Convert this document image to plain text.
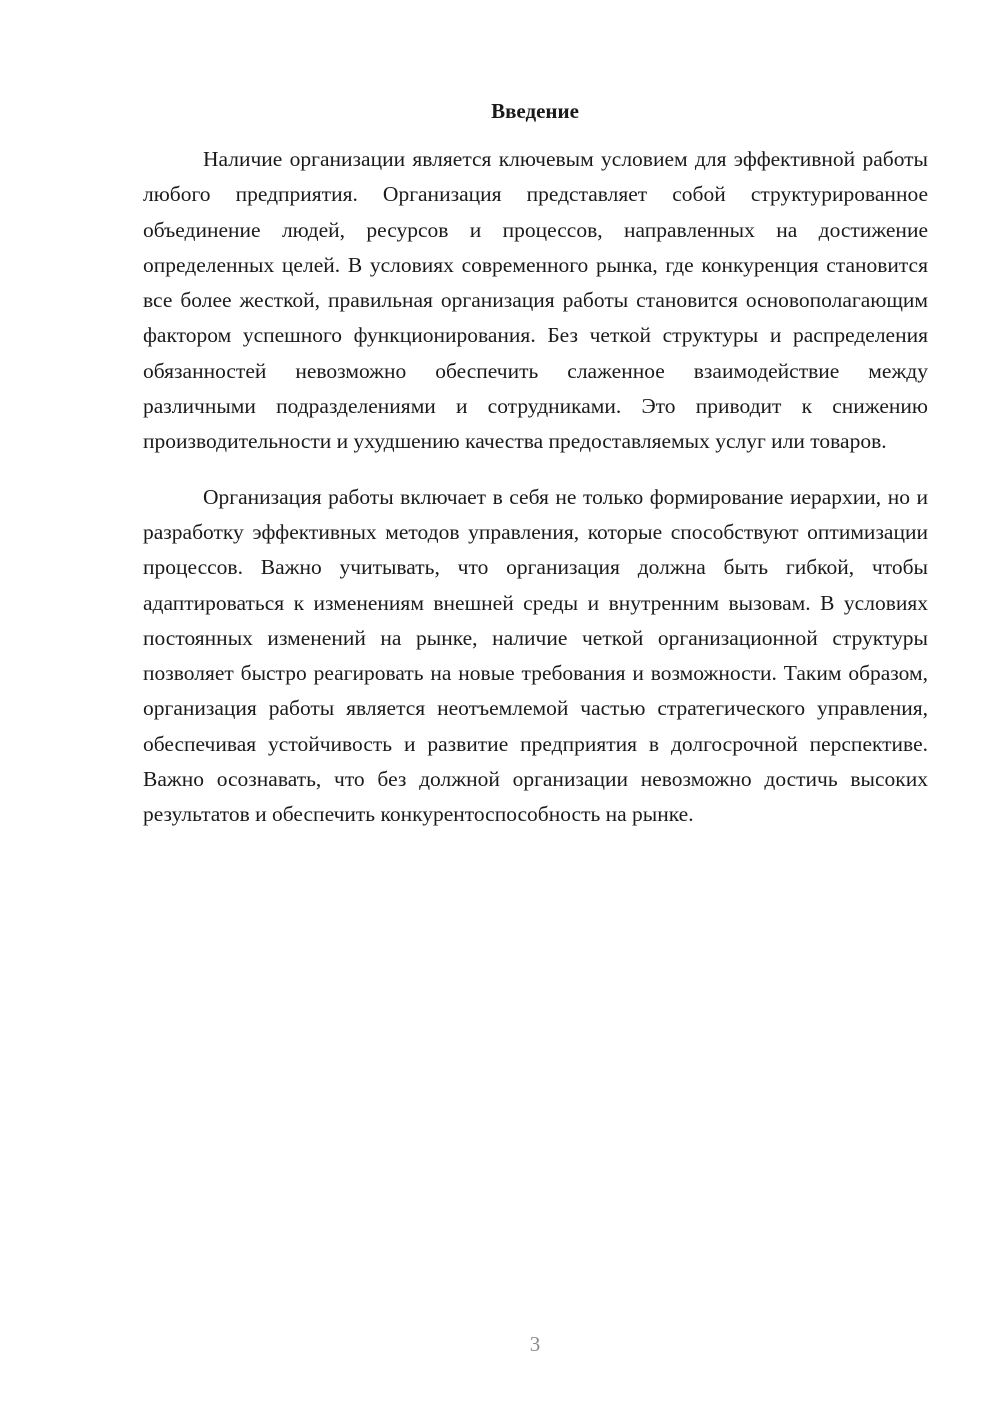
Введение

Наличие организации является ключевым условием для эффективной работы любого предприятия. Организация представляет собой структурированное объединение людей, ресурсов и процессов, направленных на достижение определенных целей. В условиях современного рынка, где конкуренция становится все более жесткой, правильная организация работы становится основополагающим фактором успешного функционирования. Без четкой структуры и распределения обязанностей невозможно обеспечить слаженное взаимодействие между различными подразделениями и сотрудниками. Это приводит к снижению производительности и ухудшению качества предоставляемых услуг или товаров.

Организация работы включает в себя не только формирование иерархии, но и разработку эффективных методов управления, которые способствуют оптимизации процессов. Важно учитывать, что организация должна быть гибкой, чтобы адаптироваться к изменениям внешней среды и внутренним вызовам. В условиях постоянных изменений на рынке, наличие четкой организационной структуры позволяет быстро реагировать на новые требования и возможности. Таким образом, организация работы является неотъемлемой частью стратегического управления, обеспечивая устойчивость и развитие предприятия в долгосрочной перспективе. Важно осознавать, что без должной организации невозможно достичь высоких результатов и обеспечить конкурентоспособность на рынке.

3
